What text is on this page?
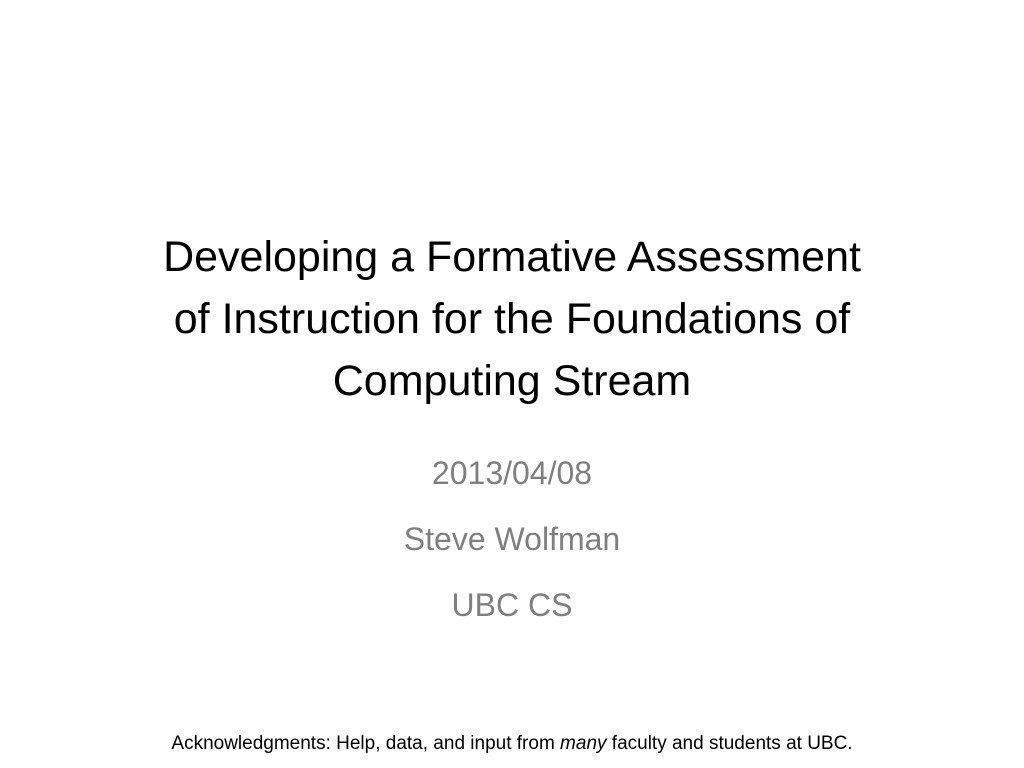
Developing a Formative Assessment
of Instruction for the Foundations of
Computing Stream
2013/04/08
Steve Wolfman
UBC CS
Acknowledgments: Help, data, and input from many faculty and students at UBC.
